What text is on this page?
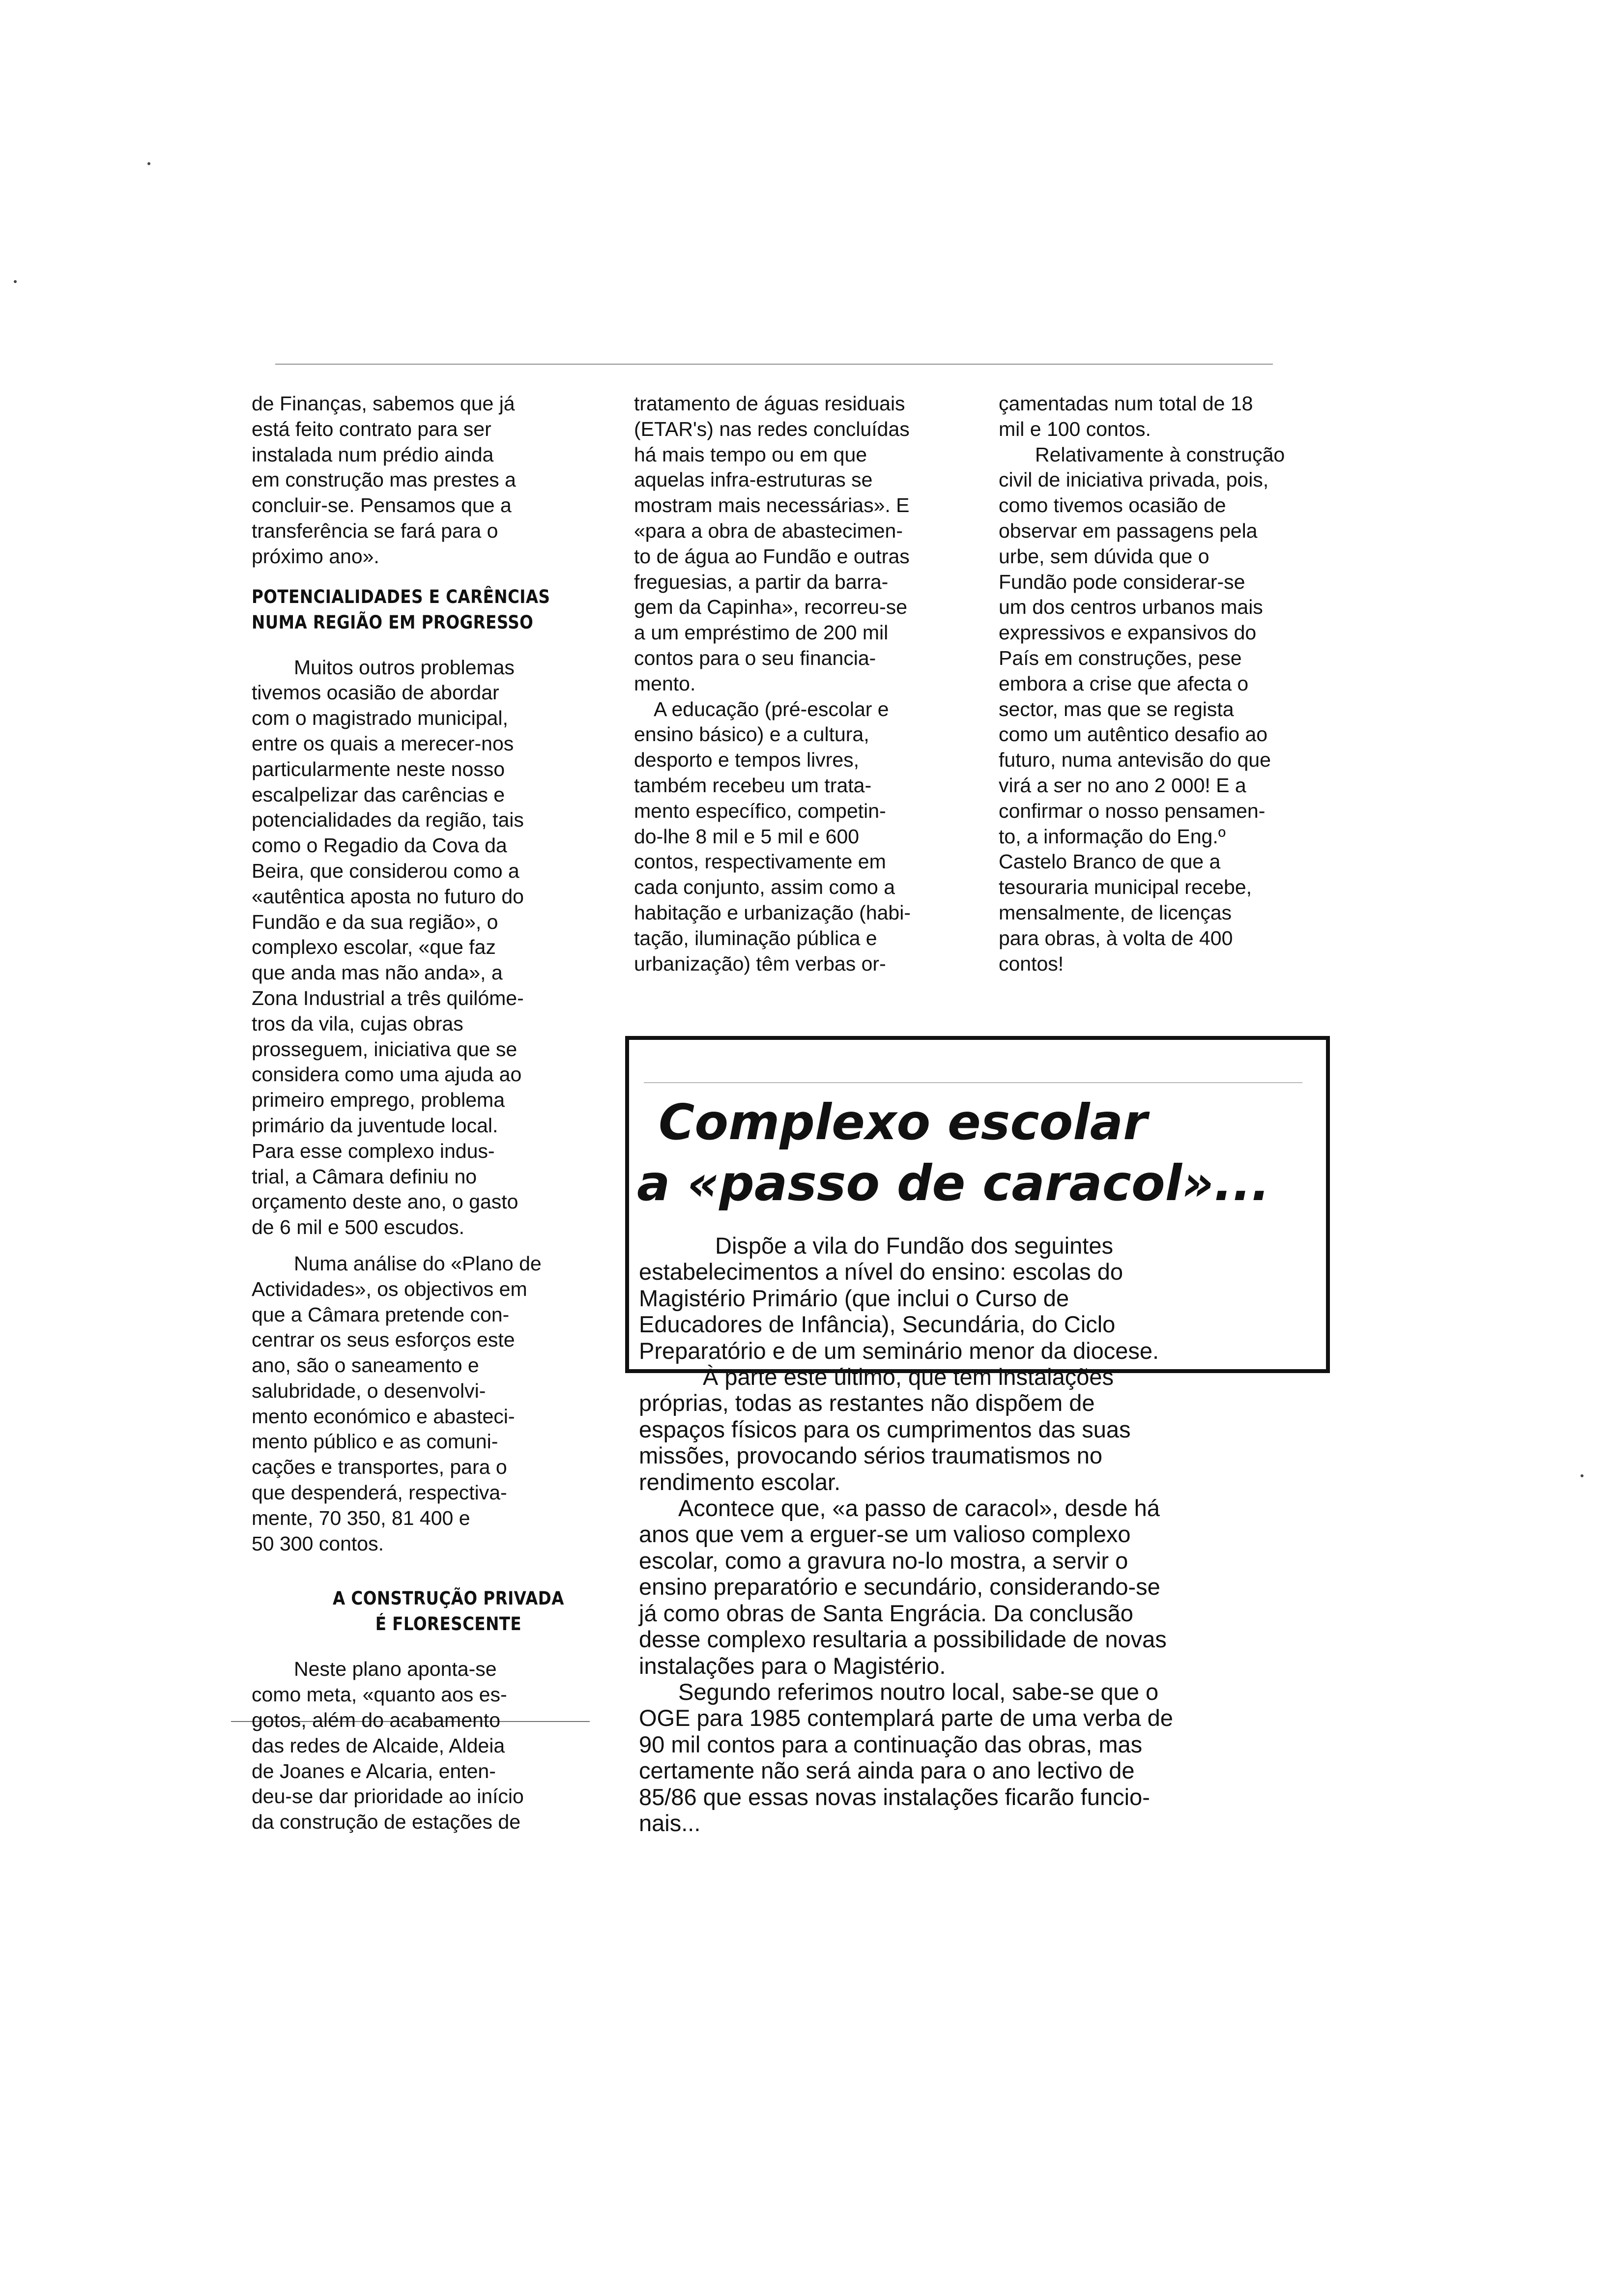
de Finanças, sabemos que já
está feito contrato para ser
instalada num prédio ainda
em construção mas prestes a
concluir-se. Pensamos que a
transferência se fará para o
próximo ano».

POTENCIALIDADES E CARÊNCIAS
NUMA REGIÃO EM PROGRESSO

Muitos outros problemas
tivemos ocasião de abordar
com o magistrado municipal,
entre os quais a merecer-nos
particularmente neste nosso
escalpelizar das carências e
potencialidades da região, tais
como o Regadio da Cova da
Beira, que considerou como a
«autêntica aposta no futuro do
Fundão e da sua região», o
complexo escolar, «que faz
que anda mas não anda», a
Zona Industrial a três quilóme-
tros da vila, cujas obras
prosseguem, iniciativa que se
considera como uma ajuda ao
primeiro emprego, problema
primário da juventude local.
Para esse complexo indus-
trial, a Câmara definiu no
orçamento deste ano, o gasto
de 6 mil e 500 escudos.

Numa análise do «Plano de
Actividades», os objectivos em
que a Câmara pretende con-
centrar os seus esforços este
ano, são o saneamento e
salubridade, o desenvolvi-
mento económico e abasteci-
mento público e as comuni-
cações e transportes, para o
que despenderá, respectiva-
mente, 70 350, 81 400 e
50 300 contos.

A CONSTRUÇÃO PRIVADA
É FLORESCENTE

Neste plano aponta-se
como meta, «quanto aos es-
gotos, além do acabamento
das redes de Alcaide, Aldeia
de Joanes e Alcaria, enten-
deu-se dar prioridade ao início
da construção de estações de

tratamento de águas residuais
(ETAR's) nas redes concluídas
há mais tempo ou em que
aquelas infra-estruturas se
mostram mais necessárias». E
«para a obra de abastecimen-
to de água ao Fundão e outras
freguesias, a partir da barra-
gem da Capinha», recorreu-se
a um empréstimo de 200 mil
contos para o seu financia-
mento.

A educação (pré-escolar e
ensino básico) e a cultura,
desporto e tempos livres,
também recebeu um trata-
mento específico, competin-
do-lhe 8 mil e 5 mil e 600
contos, respectivamente em
cada conjunto, assim como a
habitação e urbanização (habi-
tação, iluminação pública e
urbanização) têm verbas or-

çamentadas num total de 18
mil e 100 contos.

Relativamente à construção
civil de iniciativa privada, pois,
como tivemos ocasião de
observar em passagens pela
urbe, sem dúvida que o
Fundão pode considerar-se
um dos centros urbanos mais
expressivos e expansivos do
País em construções, pese
embora a crise que afecta o
sector, mas que se regista
como um autêntico desafio ao
futuro, numa antevisão do que
virá a ser no ano 2 000! E a
confirmar o nosso pensamen-
to, a informação do Eng.º
Castelo Branco de que a
tesouraria municipal recebe,
mensalmente, de licenças
para obras, à volta de 400
contos!

Complexo escolar

a «passo de caracol»...

Dispõe a vila do Fundão dos seguintes
estabelecimentos a nível do ensino: escolas do
Magistério Primário (que inclui o Curso de
Educadores de Infância), Secundária, do Ciclo
Preparatório e de um seminário menor da diocese.

À parte este último, que tem instalações
próprias, todas as restantes não dispõem de
espaços físicos para os cumprimentos das suas
missões, provocando sérios traumatismos no
rendimento escolar.

Acontece que, «a passo de caracol», desde há
anos que vem a erguer-se um valioso complexo
escolar, como a gravura no-lo mostra, a servir o
ensino preparatório e secundário, considerando-se
já como obras de Santa Engrácia. Da conclusão
desse complexo resultaria a possibilidade de novas
instalações para o Magistério.

Segundo referimos noutro local, sabe-se que o
OGE para 1985 contemplará parte de uma verba de
90 mil contos para a continuação das obras, mas
certamente não será ainda para o ano lectivo de
85/86 que essas novas instalações ficarão funcio-
nais...
